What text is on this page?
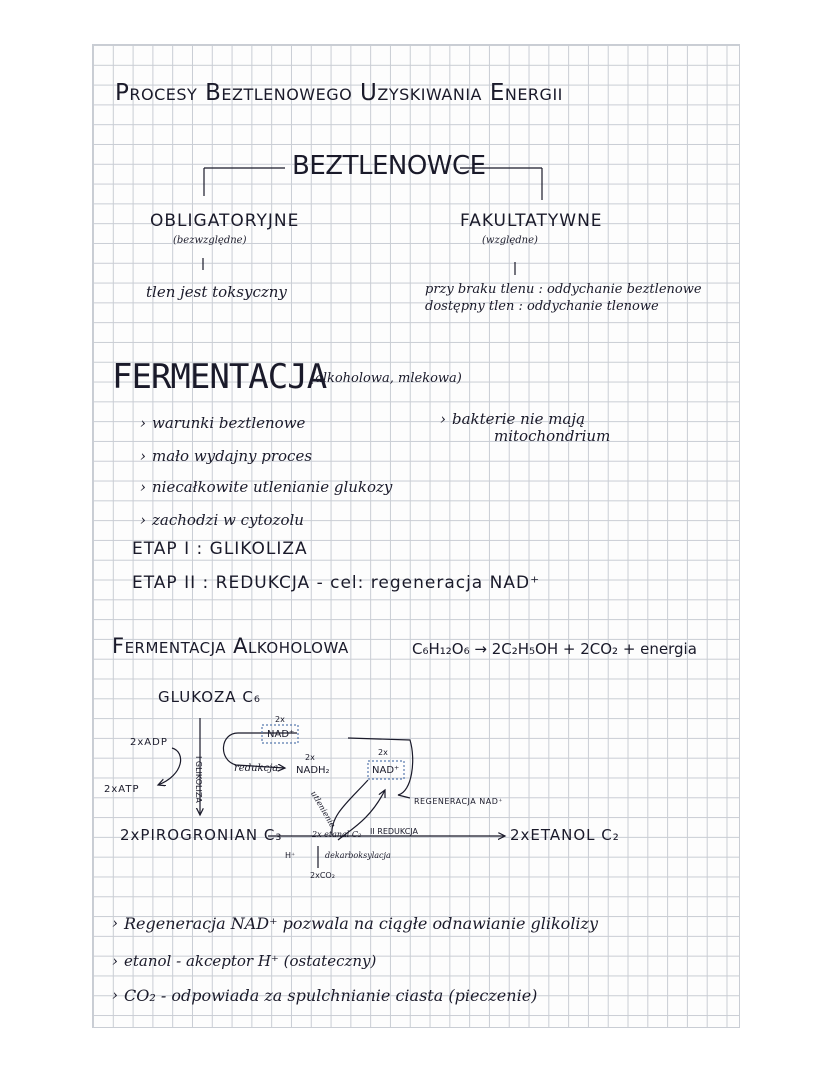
Procesy Beztlenowego Uzyskiwania Energii
BEZTLENOWCE
OBLIGATORYJNE
(bezwzględne)
tlen jest toksyczny
FAKULTATYWNE
(względne)
przy braku tlenu : oddychanie beztlenowe
dostępny tlen : oddychanie tlenowe
FERMENTACJA
(alkoholowa, mlekowa)
› warunki beztlenowe
› mało wydajny proces
› niecałkowite utlenianie glukozy
› zachodzi w cytozolu
› bakterie nie mają
mitochondrium
ETAP I : GLIKOLIZA
ETAP II : REDUKCJA - cel: regeneracja NAD⁺
Fermentacja Alkoholowa	C₆H₁₂O₆ → 2C₂H₅OH + 2CO₂ + energia
GLUKOZA C₆
2xADP
2xATP	I GLIKOLIZA
2x
NAD⁺
redukcja
2x
NADH₂
2x
NAD⁺
utlenienie	REGENERACJA NAD⁺
2xPIROGRONIAN C₃	2x etanal C₂ II REDUKCJA
dekarboksylacja
H⁺
2xCO₂
2xETANOL C₂
› Regeneracja NAD⁺ pozwala na ciągłe odnawianie glikolizy
› etanol - akceptor H⁺ (ostateczny)
› CO₂ - odpowiada za spulchnianie ciasta (pieczenie)
